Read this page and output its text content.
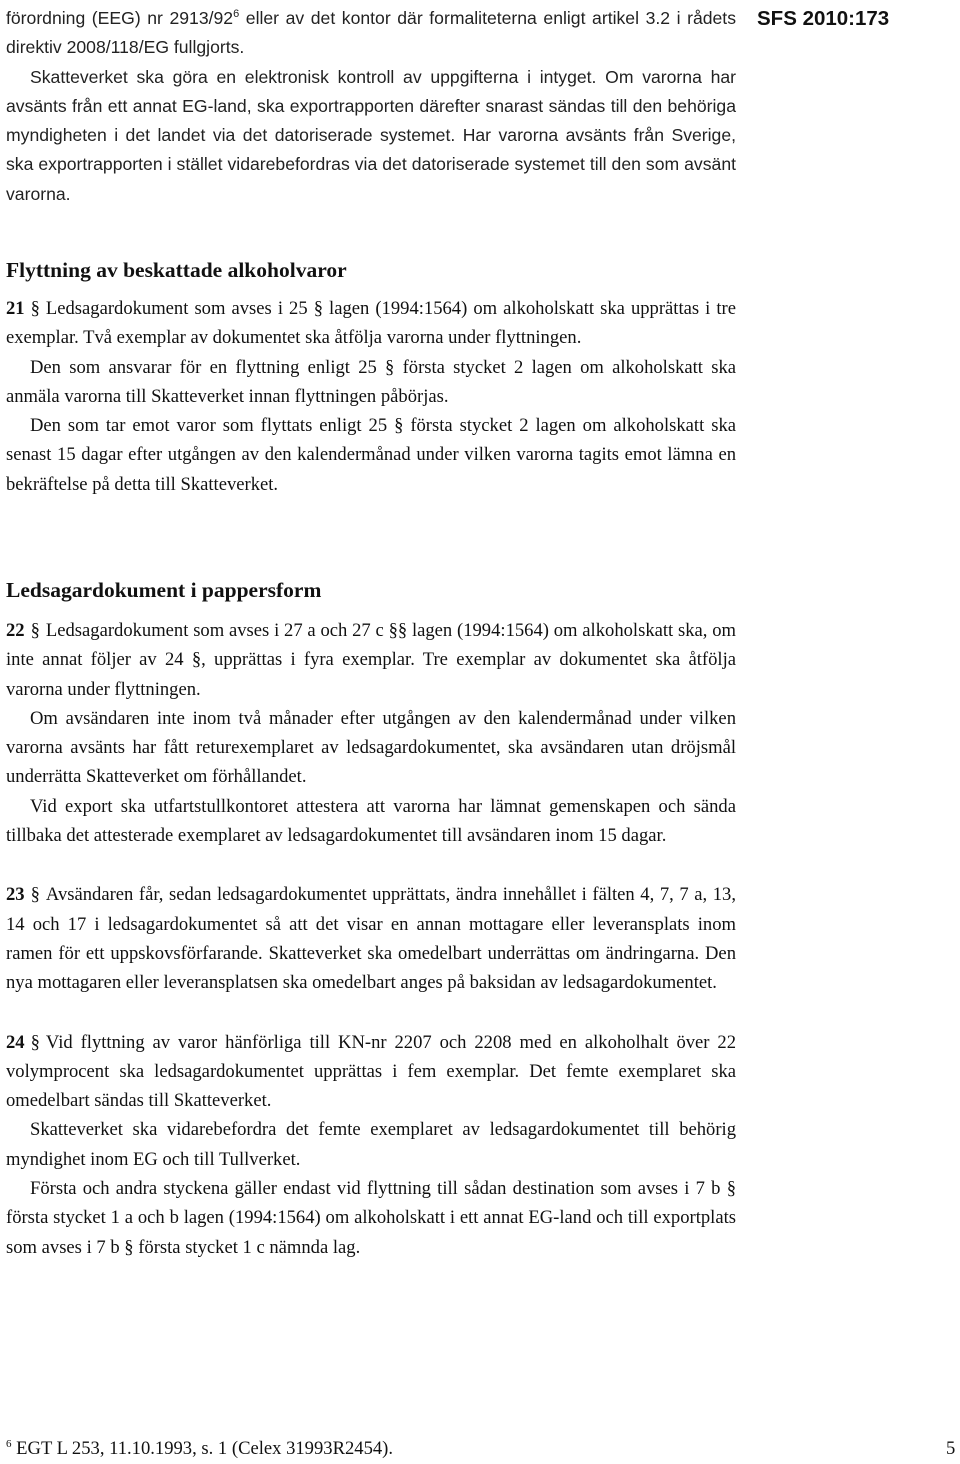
SFS 2010:173

förordning (EEG) nr $2913/92^6$ eller av det kontor där formaliteterna enligt artikel 3.2 i rådets direktiv 2008/118/EG fullgjorts.

Skatteverket ska göra en elektronisk kontroll av uppgifterna i intyget. Om varorna har avsänts från ett annat EG-land, ska exportrapporten därefter snarast sändas till den behöriga myndigheten i det landet via det datoriserade systemet. Har varorna avsänts från Sverige, ska exportrapporten i stället vidarebefordras via det datoriserade systemet till den som avsänt varorna.

Flyttning av beskattade alkoholvaror

21 § Ledsagardokument som avses i 25 § lagen (1994:1564) om alkoholskatt ska upprättas i tre exemplar. Två exemplar av dokumentet ska åtfölja varorna under flyttningen.

Den som ansvarar för en flyttning enligt 25 § första stycket 2 lagen om alkoholskatt ska anmäla varorna till Skatteverket innan flyttningen påbörjas.

Den som tar emot varor som flyttats enligt 25 § första stycket 2 lagen om alkoholskatt ska senast 15 dagar efter utgången av den kalendermånad under vilken varorna tagits emot lämna en bekräftelse på detta till Skatteverket.

Ledsagardokument i pappersform

22 § Ledsagardokument som avses i 27 a och 27 c §§ lagen (1994:1564) om alkoholskatt ska, om inte annat följer av 24 §, upprättas i fyra exemplar. Tre exemplar av dokumentet ska åtfölja varorna under flyttningen.

Om avsändaren inte inom två månader efter utgången av den kalendermånad under vilken varorna avsänts har fått returexemplaret av ledsagardokumentet, ska avsändaren utan dröjsmål underrätta Skatteverket om förhållandet.

Vid export ska utfartstullkontoret attestera att varorna har lämnat gemenskapen och sända tillbaka det attesterade exemplaret av ledsagardokumentet till avsändaren inom 15 dagar.

23 § Avsändaren får, sedan ledsagardokumentet upprättats, ändra innehållet i fälten 4, 7, 7 a, 13, 14 och 17 i ledsagardokumentet så att det visar en annan mottagare eller leveransplats inom ramen för ett uppskovsförfarande. Skatteverket ska omedelbart underrättas om ändringarna. Den nya mottagaren eller leveransplatsen ska omedelbart anges på baksidan av ledsagardokumentet.

24 § Vid flyttning av varor hänförliga till KN-nr 2207 och 2208 med en alkoholhalt över 22 volymprocent ska ledsagardokumentet upprättas i fem exemplar. Det femte exemplaret ska omedelbart sändas till Skatteverket.

Skatteverket ska vidarebefordra det femte exemplaret av ledsagardokumentet till behörig myndighet inom EG och till Tullverket.

Första och andra styckena gäller endast vid flyttning till sådan destination som avses i 7 b § första stycket 1 a och b lagen (1994:1564) om alkoholskatt i ett annat EG-land och till exportplats som avses i 7 b § första stycket 1 c nämnda lag.

$^6$ EGT L 253, 11.10.1993, s. 1 (Celex 31993R2454).	5
